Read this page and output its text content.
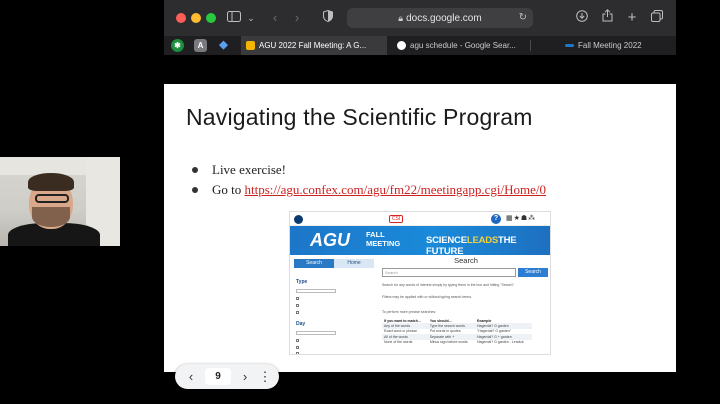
⌄ ‹ ›	🔒︎ docs.google.com	↻	+
✱	A	◆	AGU 2022 Fall Meeting: A G...	agu schedule - Google Sear...	Fall Meeting 2022
Navigating the Scientific Program
Live exercise!
Go to https://agu.confex.com/agu/fm22/meetingapp.cgi/Home/0
CSI	?	▦★☗⁂
AGU FALL MEETING	SCIENCELEADSTHE FUTURE
Search	Home
Type
Day
Search
Search	Search
Search for any words of interest simply by typing them in the box and hitting "Search".
Filters may be applied with or without typing search terms.
To perform more precise searches:
If you want to match...	You should...	Example
Any of the words	Type the search words	Hagerdal? G garden
Exact word or phrase	Put words in quotes	"Hagerdal? G garden"
All of the words	Separate with +	Hagerdal? G + garden
None of the words	Minus sign before words	Hagerdal? G garden - Lerwick
‹	9	› ⋮
